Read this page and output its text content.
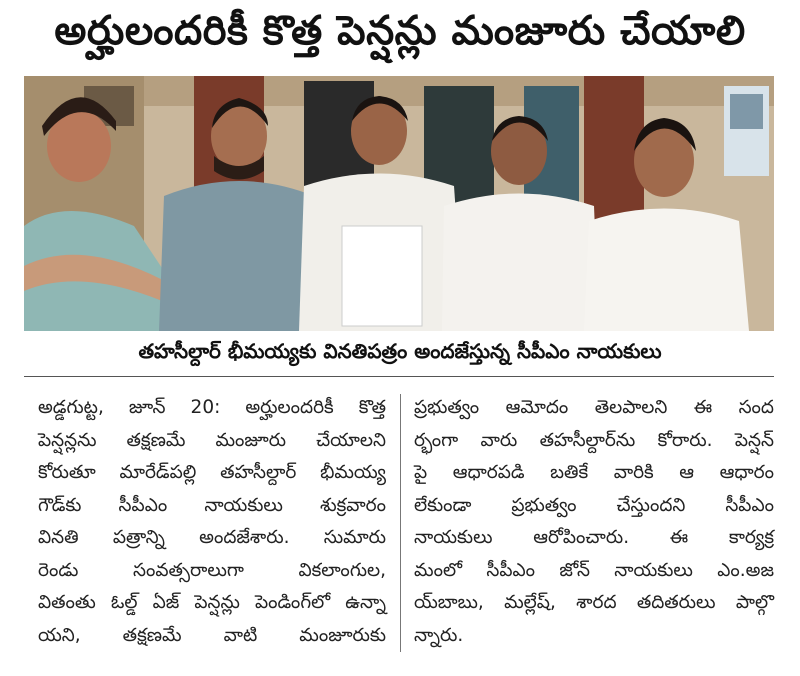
అర్హులందరికీ కొత్త పెన్షన్లు మంజూరు చేయాలి
తహసీల్దార్ భీమయ్యకు వినతిపత్రం అందజేస్తున్న సీపీఎం నాయకులు
అడ్డగుట్ట, జూన్ 20: అర్హులందరికీ కొత్త
పెన్షన్లను తక్షణమే మంజూరు చేయాలని
కోరుతూ మారేడ్‌పల్లి తహసీల్దార్ భీమయ్య
గౌడ్‌కు సీపీఎం నాయకులు శుక్రవారం
వినతి పత్రాన్ని అందజేశారు. సుమారు
రెండు సంవత్సరాలుగా వికలాంగుల,
వితంతు ఓల్డ్ ఏజ్ పెన్షన్లు పెండింగ్‌లో ఉన్నా
యని, తక్షణమే వాటి మంజూరుకు
ప్రభుత్వం ఆమోదం తెలపాలని ఈ సంద
ర్భంగా వారు తహసీల్దార్‌ను కోరారు. పెన్షన్
పై ఆధారపడి బతికే వారికి ఆ ఆధారం
లేకుండా ప్రభుత్వం చేస్తుందని సీపీఎం
నాయకులు ఆరోపించారు. ఈ కార్యక్ర
మంలో సీపీఎం జోన్ నాయకులు ఎం.అజ
య్‌బాబు, మల్లేష్, శారద తదితరులు పాల్గొ
న్నారు.
